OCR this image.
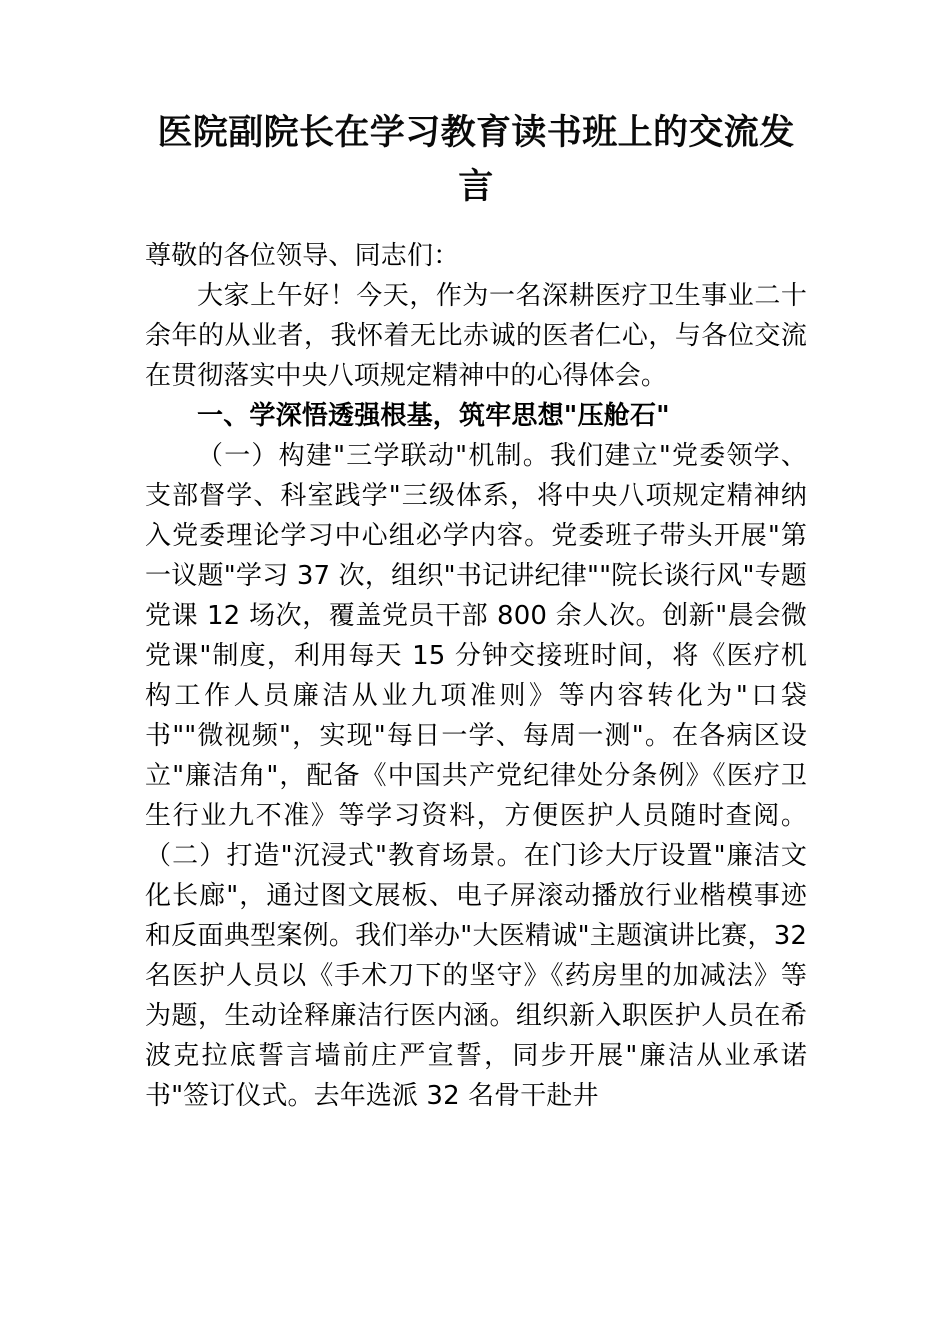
医院副院长在学习教育读书班上的交流发言

尊敬的各位领导、同志们：

大家上午好！今天，作为一名深耕医疗卫生事业二十余年的从业者，我怀着无比赤诚的医者仁心，与各位交流在贯彻落实中央八项规定精神中的心得体会。

一、学深悟透强根基，筑牢思想"压舱石"

（一）构建"三学联动"机制。我们建立"党委领学、支部督学、科室践学"三级体系，将中央八项规定精神纳入党委理论学习中心组必学内容。党委班子带头开展"第一议题"学习 37 次，组织"书记讲纪律""院长谈行风"专题党课 12 场次，覆盖党员干部 800 余人次。创新"晨会微党课"制度，利用每天 15 分钟交接班时间，将《医疗机构工作人员廉洁从业九项准则》等内容转化为"口袋书""微视频"，实现"每日一学、每周一测"。在各病区设立"廉洁角"，配备《中国共产党纪律处分条例》《医疗卫生行业九不准》等学习资料，方便医护人员随时查阅。（二）打造"沉浸式"教育场景。在门诊大厅设置"廉洁文化长廊"，通过图文展板、电子屏滚动播放行业楷模事迹和反面典型案例。我们举办"大医精诚"主题演讲比赛，32 名医护人员以《手术刀下的坚守》《药房里的加减法》等为题，生动诠释廉洁行医内涵。组织新入职医护人员在希波克拉底誓言墙前庄严宣誓，同步开展"廉洁从业承诺书"签订仪式。去年选派 32 名骨干赴井
